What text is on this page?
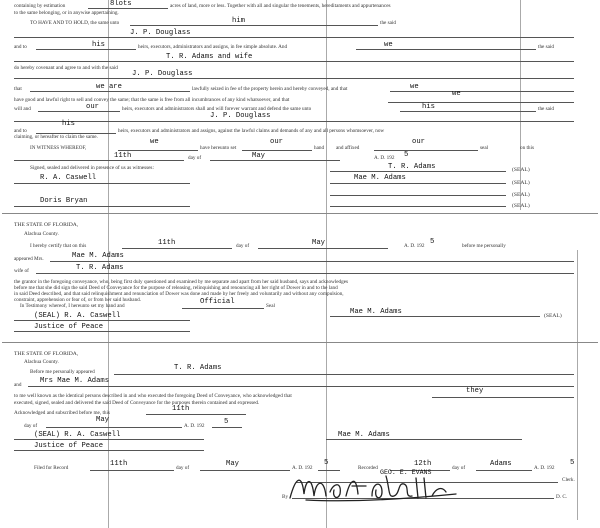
containing by estimation	8lots	acres of land, more or less. Together with all and singular the tenements, hereditaments and appurtenances
to the same belonging, or in anywise appertaining.
TO HAVE AND TO HOLD, the same unto	him	the said
J. P. Douglass
and to	his	heirs, executors, administrators and assigns, in fee simple absolute. And	we	the said
T. R. Adams and wife
do hereby covenant and agree to and with the said
J. P. Douglass
that	we are	lawfully seized in fee of the property herein and hereby conveyed, and that	we
have good and lawful right to sell and convey the same; that the same is free from all incumbrances of any kind whatsoever, and that
we
will and	our	heirs, executors and administrators shall and will forever warrant and defend the same unto	his	the said
J. P. Douglass
and to
his
heirs, executors and administrators and assigns, against the lawful claims and demands of any and all persons whomsoever, now
claiming, or hereafter to claim the same.
IN WITNESS WHEREOF,
we
have hereunto set
our
hand and affixed
our
seal	on this
11th	day of	May	A. D. 192 5
Signed, sealed and delivered in presence of us as witnesses:	T. R. Adams	(SEAL)
R. A. Caswell	Mae M. Adams
(SEAL)
(SEAL)
Doris Bryan
(SEAL)
THE STATE OF FLORIDA,
Alachua County.
I hereby certify that on this	11th	day of	May	A. D. 192 5	before me personally
appeared Mrs.	Mae M. Adams
wife of	T. R. Adams
the grantor in the foregoing conveyance, who, being first duly questioned and examined by me separate and apart from her said husband, says and acknowledges
before me that she did sign the said Deed of Conveyance for the purpose of releasing, relinquishing and renouncing all her right of Dower in and to the land
in said Deed described, and that said relinquishment and renunciation of Dower was done and made by her freely and voluntarily and without any compulsion,
constraint, apprehension or fear of, or from her said husband.
In Testimony whereof, I hereunto set my hand and	Official	Seal
(SEAL) R. A. Caswell	Mae M. Adams	(SEAL)
Justice of Peace
THE STATE OF FLORIDA,
Alachua County.
Before me personally appeared	T. R. Adams
and	Mrs Mae M. Adams
to me well known as the identical persons described in and who executed the foregoing Deed of Conveyance, who acknowledged that
they
executed, signed, sealed and delivered the said Deed of Conveyance for the purposes therein contained and expressed.
Acknowledged and subscribed before me, this	11th
day of
May
A. D. 192	5
(SEAL) R. A. Caswell	Mae M. Adams
Justice of Peace
Filed for Record	11th	day of	May	A. D. 192
5
Recorded	12th	day of	Adams	A. D. 192
5
GEO. E. EVANS
Clerk.
By	D. C.
